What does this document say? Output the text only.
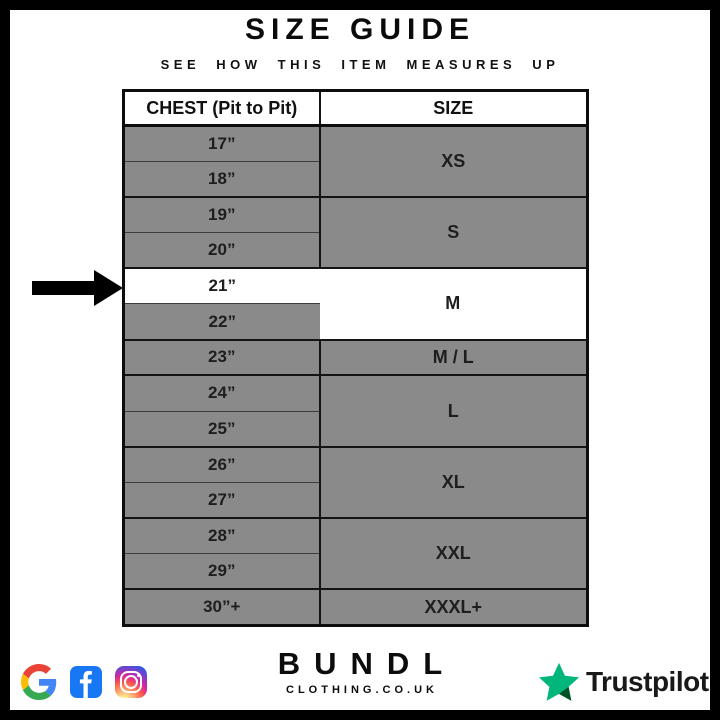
SIZE GUIDE
SEE HOW THIS ITEM MEASURES UP
CHEST (Pit to Pit)	SIZE
17”	XS
18”	
19”	S
20”	
21”	M
22”	
23”	M / L
24”	L
25”	
26”	XL
27”	
28”	XXL
29”	
30”+	XXXL+
BUNDL
CLOTHING.CO.UK	Trustpilot
